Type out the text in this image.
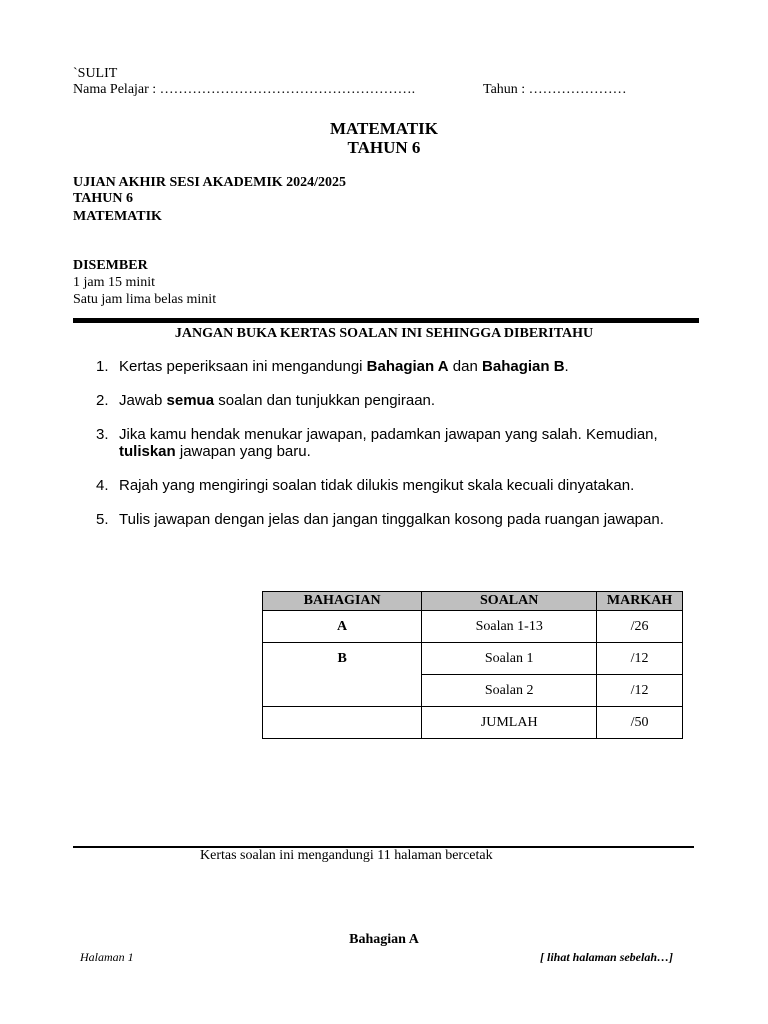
`SULIT
Nama Pelajar : ……………………………………………….	Tahun : …………………
MATEMATIK
TAHUN 6
UJIAN AKHIR SESI AKADEMIK 2024/2025
TAHUN 6
MATEMATIK
DISEMBER
1 jam 15 minit
Satu jam lima belas minit
JANGAN BUKA KERTAS SOALAN INI SEHINGGA DIBERITAHU
1. Kertas peperiksaan ini mengandungi Bahagian A dan Bahagian B.
2. Jawab semua soalan dan tunjukkan pengiraan.
3. Jika kamu hendak menukar jawapan, padamkan jawapan yang salah. Kemudian, tuliskan jawapan yang baru.
4. Rajah yang mengiringi soalan tidak dilukis mengikut skala kecuali dinyatakan.
5. Tulis jawapan dengan jelas dan jangan tinggalkan kosong pada ruangan jawapan.
BAHAGIAN	SOALAN	MARKAH
A	Soalan 1-13	/26
B	Soalan 1	/12
	Soalan 2	/12
	JUMLAH	/50
Kertas soalan ini mengandungi 11 halaman bercetak
Bahagian A
Halaman 1	[ lihat halaman sebelah…]
